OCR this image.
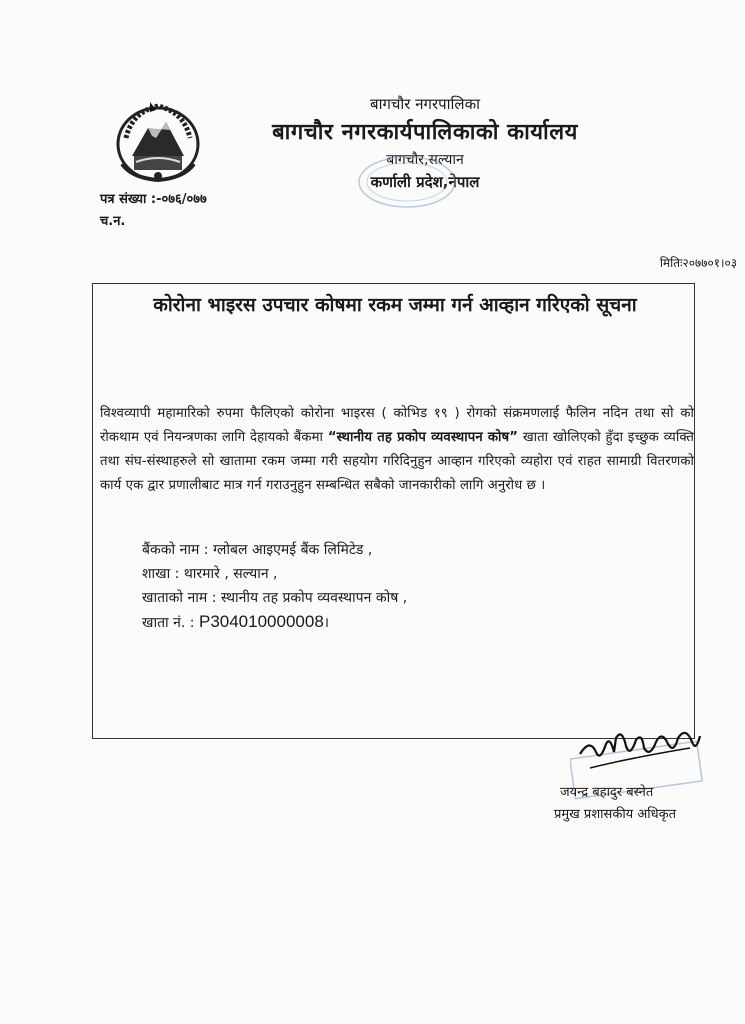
बागचौर नगरपालिका
बागचौर नगरकार्यपालिकाको कार्यालय
बागचौर,सल्यान
कर्णाली प्रदेश,नेपाल
पत्र संख्या :-०७६/०७७
च.न.
मितिः२०७७०१।०३
कोरोना भाइरस उपचार कोषमा रकम जम्मा गर्न आव्हान गरिएको सूचना
विश्वव्यापी महामारिको रुपमा फैलिएको कोरोना भाइरस ( कोभिड १९ ) रोगको संक्रमणलाई फैलिन नदिन तथा सो को रोकथाम एवं नियन्त्रणका लागि देहायको बैंकमा “स्थानीय तह प्रकोप व्यवस्थापन कोष” खाता खोलिएको हुँदा इच्छुक व्यक्ति तथा संघ-संस्थाहरुले सो खातामा रकम जम्मा गरी सहयोग गरिदिनुहुन आव्हान गरिएको व्यहोरा एवं राहत सामाग्री वितरणको कार्य एक द्वार प्रणालीबाट मात्र गर्न गराउनुहुन सम्बन्धित सबैको जानकारीको लागि अनुरोध छ ।
बैंकको नाम : ग्लोबल आइएमई बैंक लिमिटेड ,
शाखा : थारमारे , सल्यान ,
खाताको नाम : स्थानीय तह प्रकोप व्यवस्थापन कोष ,
खाता नं. : P304010000008।
जयन्द्र बहादुर बस्नेत
प्रमुख प्रशासकीय अधिकृत
